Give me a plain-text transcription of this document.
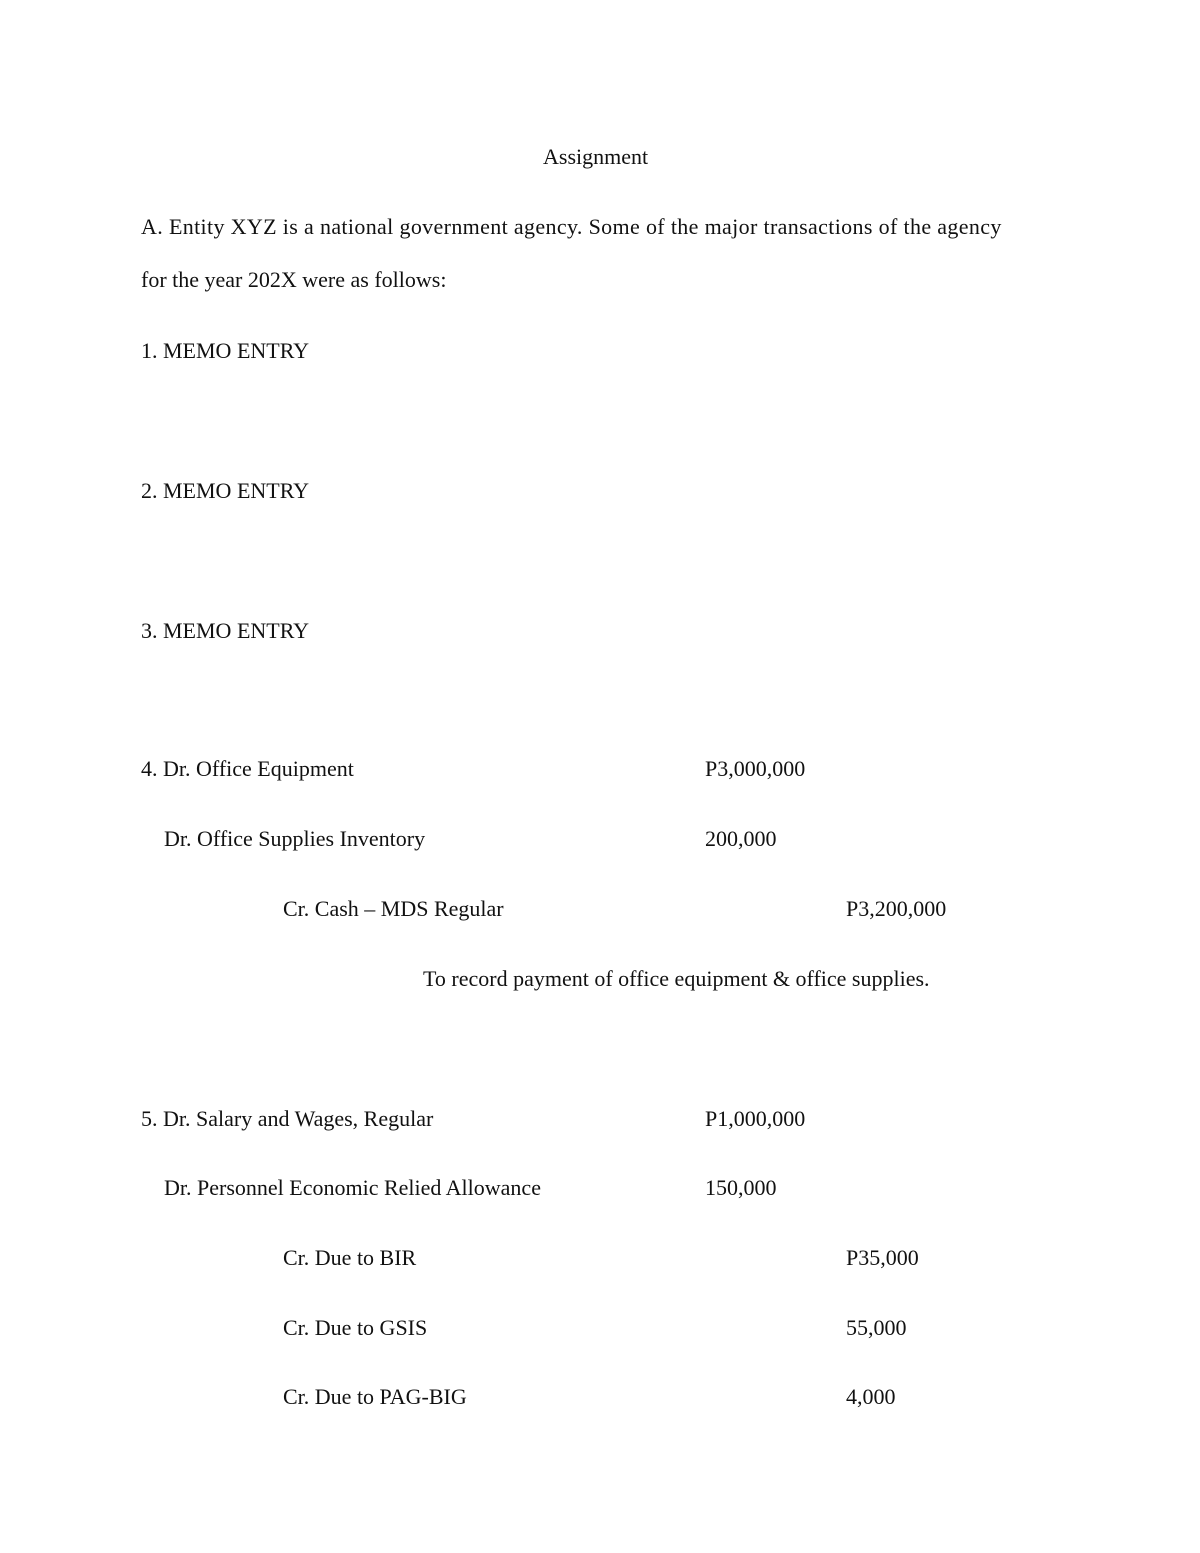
Assignment
A. Entity XYZ is a national government agency. Some of the major transactions of the agency
for the year 202X were as follows:
1. MEMO ENTRY
2. MEMO ENTRY
3. MEMO ENTRY
4. Dr. Office Equipment	P3,000,000
Dr. Office Supplies Inventory	200,000
Cr. Cash – MDS Regular	P3,200,000
To record payment of office equipment & office supplies.
5. Dr. Salary and Wages, Regular	P1,000,000
Dr. Personnel Economic Relied Allowance	150,000
Cr. Due to BIR	P35,000
Cr. Due to GSIS	55,000
Cr. Due to PAG-BIG	4,000
